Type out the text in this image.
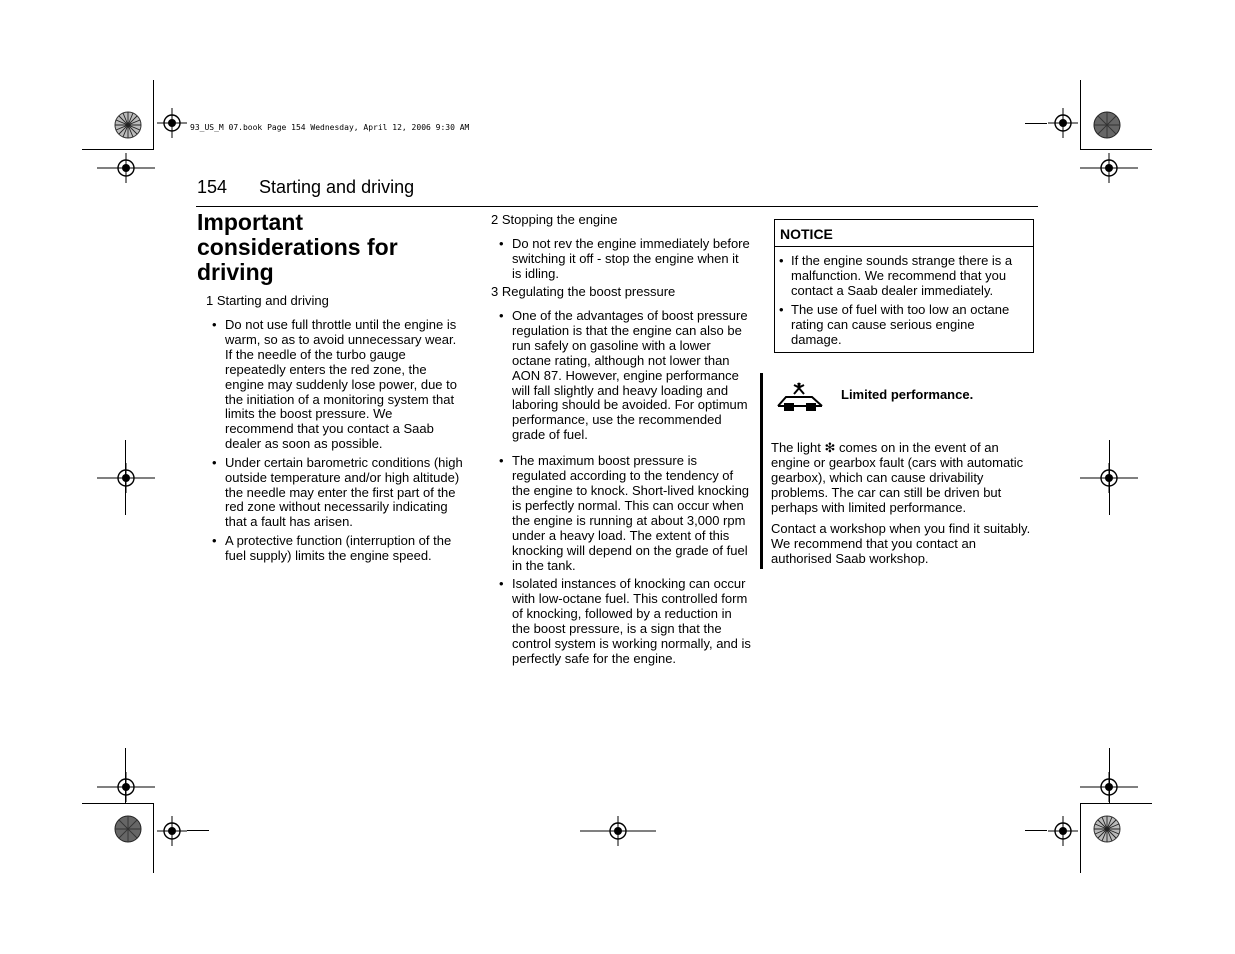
93_US_M 07.book Page 154 Wednesday, April 12, 2006 9:30 AM
154 Starting and driving
Important considerations for driving
1 Starting and driving
• Do not use full throttle until the engine is warm, so as to avoid unnecessary wear. If the needle of the turbo gauge repeatedly enters the red zone, the engine may suddenly lose power, due to the initiation of a monitoring system that limits the boost pressure. We recommend that you contact a Saab dealer as soon as possible.
• Under certain barometric conditions (high outside temperature and/or high altitude) the needle may enter the first part of the red zone without necessarily indicating that a fault has arisen.
• A protective function (interruption of the fuel supply) limits the engine speed.
2 Stopping the engine
• Do not rev the engine immediately before switching it off - stop the engine when it is idling.
3 Regulating the boost pressure
• One of the advantages of boost pressure regulation is that the engine can also be run safely on gasoline with a lower octane rating, although not lower than AON 87. However, engine performance will fall slightly and heavy loading and laboring should be avoided. For optimum performance, use the recommended grade of fuel.
• The maximum boost pressure is regulated according to the tendency of the engine to knock. Short-lived knocking is perfectly normal. This can occur when the engine is running at about 3,000 rpm under a heavy load. The extent of this knocking will depend on the grade of fuel in the tank.
• Isolated instances of knocking can occur with low-octane fuel. This controlled form of knocking, followed by a reduction in the boost pressure, is a sign that the control system is working normally, and is perfectly safe for the engine.
NOTICE
• If the engine sounds strange there is a malfunction. We recommend that you contact a Saab dealer immediately.
• The use of fuel with too low an octane rating can cause serious engine damage.
Limited performance.

The light ❇ comes on in the event of an engine or gearbox fault (cars with automatic gearbox), which can cause drivability problems. The car can still be driven but perhaps with limited performance.

Contact a workshop when you find it suitably. We recommend that you contact an authorised Saab workshop.
